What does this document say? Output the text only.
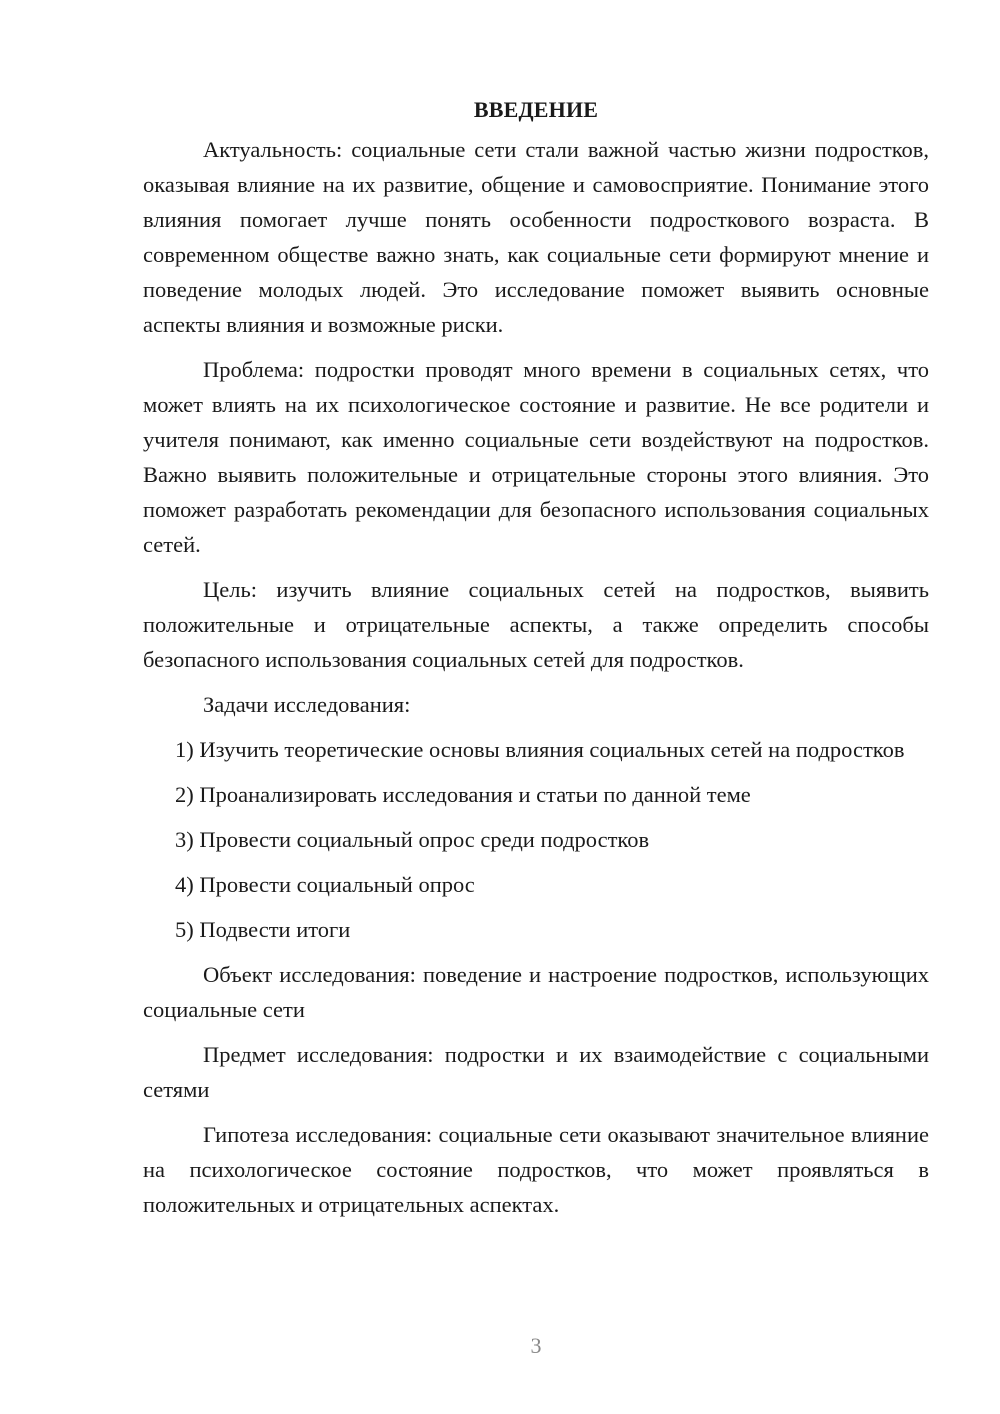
ВВЕДЕНИЕ

Актуальность: социальные сети стали важной частью жизни подростков, оказывая влияние на их развитие, общение и самовосприятие. Понимание этого влияния помогает лучше понять особенности подросткового возраста. В современном обществе важно знать, как социальные сети формируют мнение и поведение молодых людей. Это исследование поможет выявить основные аспекты влияния и возможные риски.

Проблема: подростки проводят много времени в социальных сетях, что может влиять на их психологическое состояние и развитие. Не все родители и учителя понимают, как именно социальные сети воздействуют на подростков. Важно выявить положительные и отрицательные стороны этого влияния. Это поможет разработать рекомендации для безопасного использования социальных сетей.

Цель: изучить влияние социальных сетей на подростков, выявить положительные и отрицательные аспекты, а также определить способы безопасного использования социальных сетей для подростков.

Задачи исследования:

1) Изучить теоретические основы влияния социальных сетей на подростков

2) Проанализировать исследования и статьи по данной теме

3) Провести социальный опрос среди подростков

4) Провести социальный опрос

5) Подвести итоги

Объект исследования: поведение и настроение подростков, использующих социальные сети

Предмет исследования: подростки и их взаимодействие с социальными сетями

Гипотеза исследования: социальные сети оказывают значительное влияние на психологическое состояние подростков, что может проявляться в положительных и отрицательных аспектах.

3
